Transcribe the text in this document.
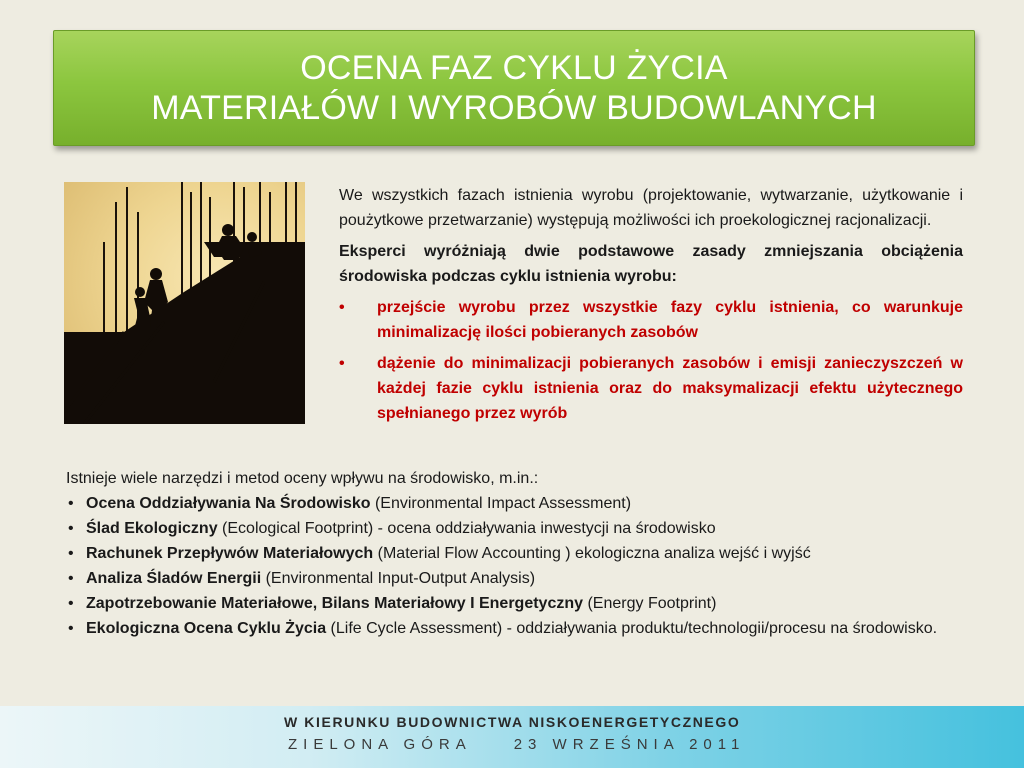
OCENA FAZ CYKLU ŻYCIA
MATERIAŁÓW I WYROBÓW BUDOWLANYCH

We wszystkich fazach istnienia wyrobu (projektowanie, wytwarzanie, użytkowanie i poużytkowe przetwarzanie) występują możliwości ich proekologicznej racjonalizacji.

Eksperci wyróżniają dwie podstawowe zasady zmniejszania obciążenia środowiska podczas cyklu istnienia wyrobu:

• przejście wyrobu przez wszystkie fazy cyklu istnienia, co warunkuje minimalizację ilości pobieranych zasobów
• dążenie do minimalizacji pobieranych zasobów i emisji zanieczyszczeń w każdej fazie cyklu istnienia oraz do maksymalizacji efektu użytecznego spełnianego przez wyrób

Istnieje wiele narzędzi i metod oceny wpływu na środowisko, m.in.:

• Ocena Oddziaływania Na Środowisko (Environmental Impact Assessment)
• Ślad Ekologiczny (Ecological Footprint) - ocena oddziaływania inwestycji na środowisko
• Rachunek Przepływów Materiałowych (Material Flow Accounting ) ekologiczna analiza wejść i wyjść
• Analiza Śladów Energii (Environmental Input-Output Analysis)
• Zapotrzebowanie Materiałowe, Bilans Materiałowy I Energetyczny (Energy Footprint)
• Ekologiczna Ocena Cyklu Życia (Life Cycle Assessment) - oddziaływania produktu/technologii/procesu na środowisko.
W KIERUNKU BUDOWNICTWA NISKOENERGETYCZNEGO
ZIELONA GÓRA	23 WRZEŚNIA 2011
